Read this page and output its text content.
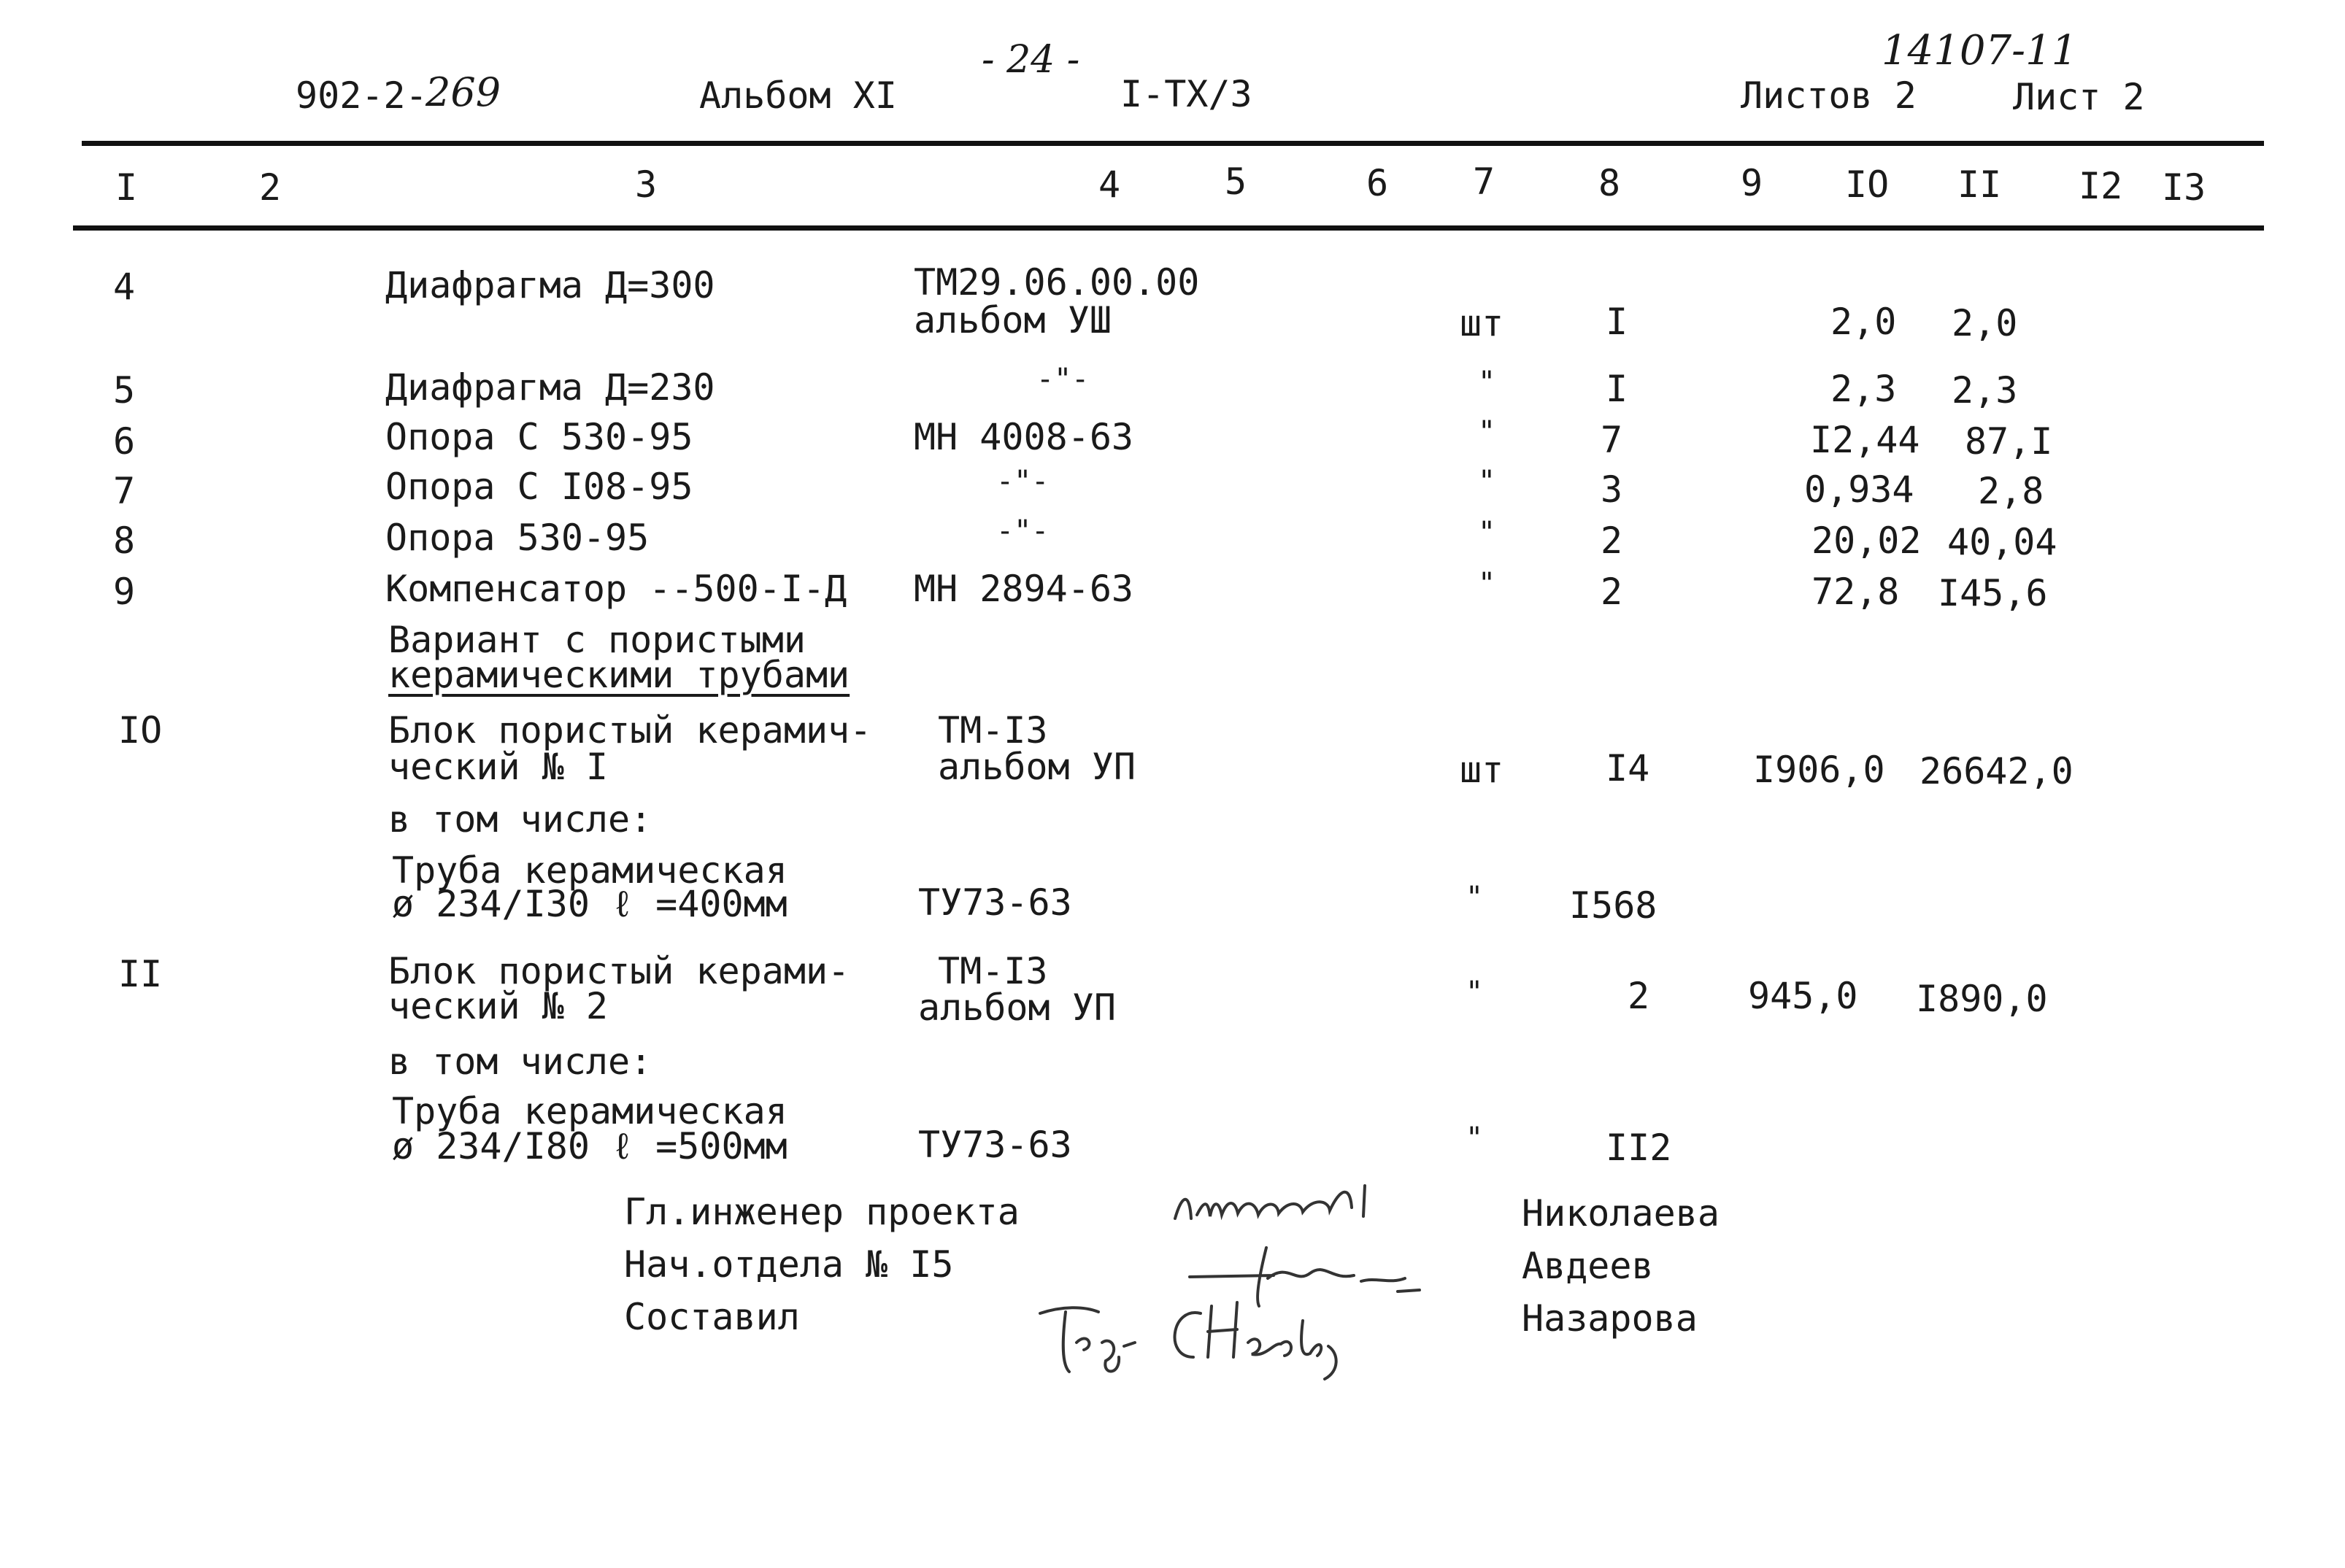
902-2-
269	Альбом XI
- 24 -
I-TX/3
14107-11
Листов 2	Лист 2
I	2	3	4	5	6 7	8	9 IO II I2 I3
4	Диафрагма Д=300	ТМ29.06.00.00
альбом УШ	шт	I	2,0 2,0
5	Диафрагма Д=230	-"-	"	I	2,3 2,3
6	Опора С 530-95	МН 4008-63	"	7	I2,44 87,I
7	Опора С I08-95	-"-	"	3	0,934 2,8
8	Опора 530-95	-"-	"	2	20,02 40,04
9	Компенсатор --500-I-Д МН 2894-63	"	2	72,8 I45,6
Вариант с пористыми
керамическими трубами
IO	Блок пористый керамич-
ческий № I
ТМ-I3
альбом УП	шт	I4	I906,0 26642,0
в том числе:
Труба керамическая
ø 234/I30 ℓ =400мм	ТУ73-63	" I568
II	Блок пористый керами-
ческий № 2
ТМ-I3
альбом УП	"	2	945,0 I890,0
в том числе:
Труба керамическая
ø 234/I80 ℓ =500мм	ТУ73-63	"	II2
Гл.инженер проекта	Николаева
Нач.отдела № I5	Авдеев
Составил	Назарова
